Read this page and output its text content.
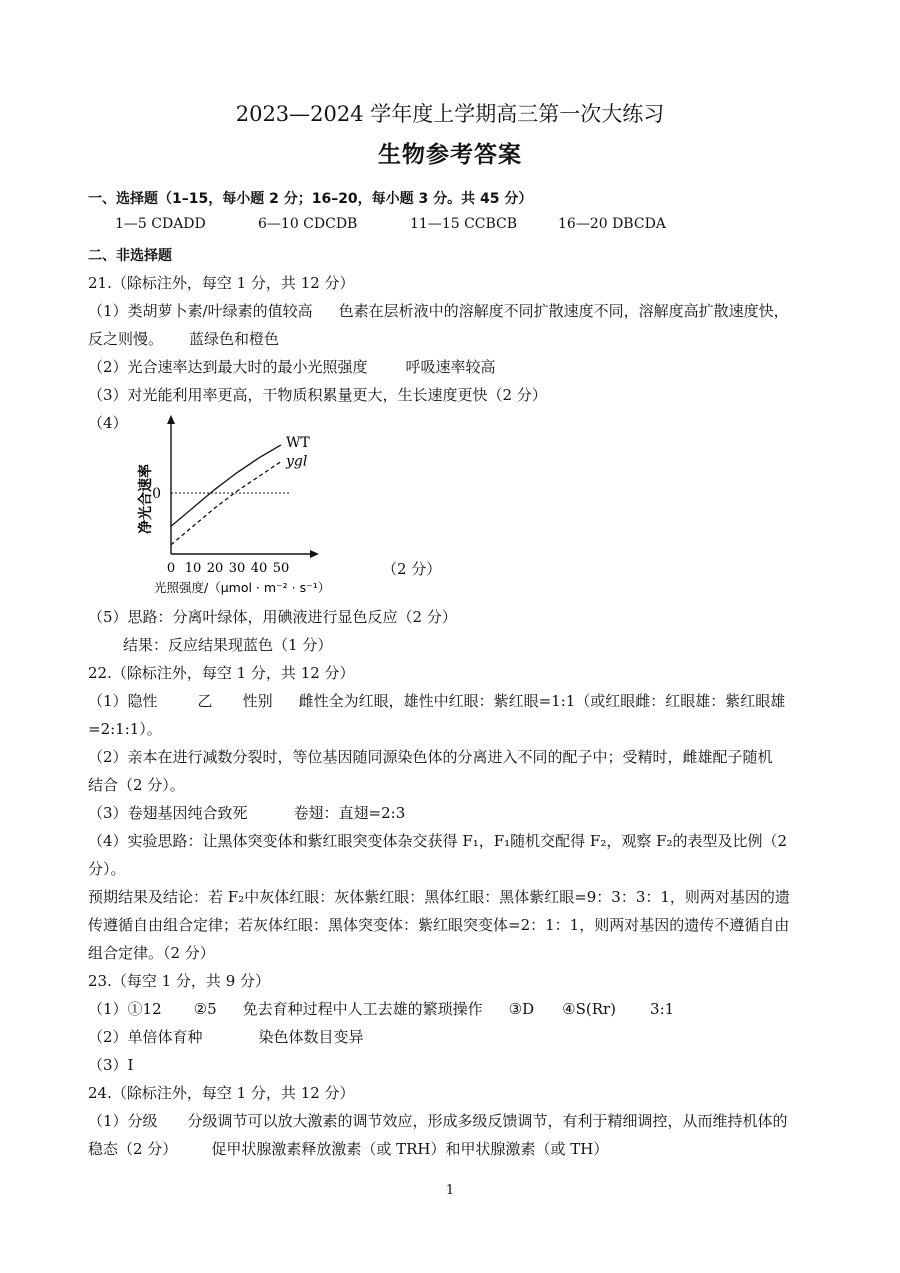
2023—2024 学年度上学期高三第一次大练习
生物参考答案
一、选择题（1–15，每小题 2 分；16–20，每小题 3 分。共 45 分）
1—5 CDADD	6—10 CDCDB	11—15 CCBCB	16—20 DBCDA
二、非选择题
21.（除标注外，每空 1 分，共 12 分）
（1）类胡萝卜素/叶绿素的值较高 色素在层析液中的溶解度不同扩散速度不同，溶解度高扩散速度快，
反之则慢。 蓝绿色和橙色
（2）光合速率达到最大时的最小光照强度	呼吸速率较高
（3）对光能利用率更高，干物质积累量更大，生长速度更快（2 分）
（4）
0
净光合速率
0 10 20 30 40 50
光照强度/（μmol · m⁻² · s⁻¹）
WT
ygl
（2 分）
（5）思路：分离叶绿体，用碘液进行显色反应（2 分）
结果：反应结果现蓝色（1 分）
22.（除标注外，每空 1 分，共 12 分）
（1）隐性	乙 性别 雌性全为红眼，雄性中红眼：紫红眼=1:1（或红眼雌：红眼雄：紫红眼雄
=2:1:1）。
（2）亲本在进行减数分裂时，等位基因随同源染色体的分离进入不同的配子中；受精时，雌雄配子随机
结合（2 分）。
（3）卷翅基因纯合致死	卷翅：直翅=2:3
（4）实验思路：让黑体突变体和紫红眼突变体杂交获得 F₁，F₁随机交配得 F₂，观察 F₂的表型及比例（2
分）。
预期结果及结论：若 F₂中灰体红眼：灰体紫红眼：黑体红眼：黑体紫红眼=9：3：3：1，则两对基因的遗
传遵循自由组合定律；若灰体红眼：黑体突变体：紫红眼突变体=2：1：1，则两对基因的遗传不遵循自由
组合定律。（2 分）
23.（每空 1 分，共 9 分）
（1）①12 ②5 免去育种过程中人工去雄的繁琐操作 ③D ④S(Rr) 3:1
（2）单倍体育种	染色体数目变异
（3）Ⅰ
24.（除标注外，每空 1 分，共 12 分）
（1）分级 分级调节可以放大激素的调节效应，形成多级反馈调节，有利于精细调控，从而维持机体的
稳态（2 分） 促甲状腺激素释放激素（或 TRH）和甲状腺激素（或 TH）
1
